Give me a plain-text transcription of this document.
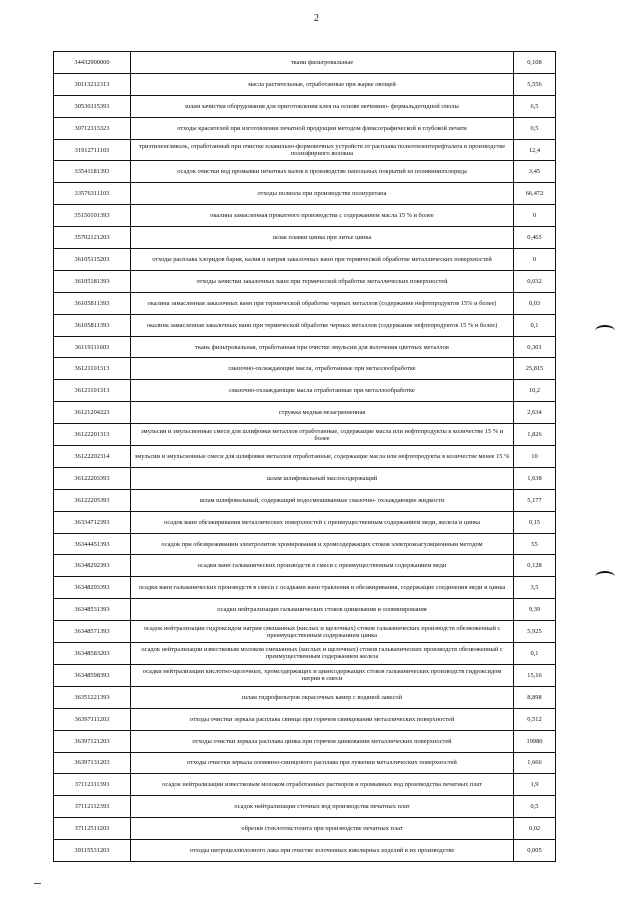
2
34432900000	ткани фильтровальные	0,108
30113212313	масла растительные, отработанные при жарке овощей	5,556
30530115393	шлам зачистки оборудования для приготовления клея на основе мочевино- формальдегидной смолы	6,5
30712113323	отходы красителей при изготовлении печатной продукции методом флексографической и глубокой печати	0,5
31912711103	триэтиленгликоль, отработанный при очистке плавильно-формовочных устройств от расплава полиэтилентерефталата в производстве полиэфирного волокна	12,4
33541181393	осадок очистки вод промывки печатных валов в производстве напольных покрытий из поливинилхлорида	3,45
33576311103	отходы полиола при производстве полиуретана	66,472
35150101393	окалина замасленная прокатного производства с содержанием масла 15 % и более	0
35702121203	шлак плавки цинка при литье цинка	0,465
36105115203	отходы расплава хлоридов бария, калия и натрия закалочных ванн при термической обработке металлических поверхностей	0
36105181393	отходы зачистки закалочных ванн при термической обработке металлических поверхностей	0,032
36105811393	окалина замасленная закалочных ванн при термической обработке черных металлов (содержание нефтепродуктов 15% и более)	0,03
36105811393	окалина замасленная закалочных ванн при термической обработке черных металлов (содержание нефтепродуктов 15 % и более)	0,1
36119111603	ткань фильтровальная, отработанная при очистке эмульсии для волочения цветных металлов	0,301
36121101313	смазочно-охлаждающие масла, отработанные при металлообработке	25,815
36121101313	смазочно-охлаждающие масла отработанные при металлообработке	10,2
36121204223	стружка медная незагрязненная	2,634
36122201313	эмульсии и эмульсионные смеси для шлифовки металлов отработанные, содержащие масла или нефтепродукты в количестве 15 % и более	1,826
36122202314	эмульсии и эмульсионные смеси для шлифовки металлов отработанные, содержащие масла или нефтепродукты в количестве менее 15 %	10
36122203393	шлам шлифовальный маслосодержащий	1,638
36122205393	шлам шлифовальный, содержащий водосмешиваемые смазочно- охлаждающие жидкости	5,177
36334712393	осадок ванн обезжиривания металлических поверхностей с преимущественным содержанием меди, железа и цинка	0,15
36344451393	осадок при обезвреживании электролитов хромирования и хромсодержащих стоков электрокоагуляционным методом	55
36348292393	осадки ванн гальванических производств в смеси с преимущественным содержанием меди	0,128
36348293393	осадки ванн гальванических производств в смеси с осадками ванн травления и обезжиривания, содержащие соединения меди и цинка	3,5
36348531393	осадки нейтрализации гальванических стоков цинкования и оловянирования	9,39
36348571393	осадок нейтрализации гидроксидом натрия смешанных (кислых и щелочных) стоков гальванических производств обезвоженный с преимущественным содержанием цинка	5,925
36348583203	осадок нейтрализации известковым молоком смешанных (кислых и щелочных) стоков гальванических производств обезвоженный с преимущественным содержанием железа	0,1
36348598393	осадки нейтрализации кислотно-щелочных, хромсодержащих и циансодержащих стоков гальванических производств гидроксидом натрия в смеси	15,16
36351221393	шлам гидрофильтров окрасочных камер с водяной завесой	8,898
36397111203	отходы очистки зеркала расплава свинца при горячем свинцевании металлических поверхностей	0,512
36397121203	отходы очистки зеркала расплава цинка при горячем цинковании металлических поверхностей	19980
36397131203	отходы очистки зеркала оловянно-свинцового расплава при лужении металлических поверхностей	1,666
37112111393	осадок нейтрализации известковым молоком отработанных растворов и промывных вод производства печатных плат	1,9
37112112393	осадок нейтрализации сточных вод производства печатных плат	0,5
37112511203	обрезки стеклотекстолита при производстве печатных плат	0,02
39115531203	отходы нитроцеллюлозного лака при очистке золоченных ювелирных изделий в их производстве	0,005
